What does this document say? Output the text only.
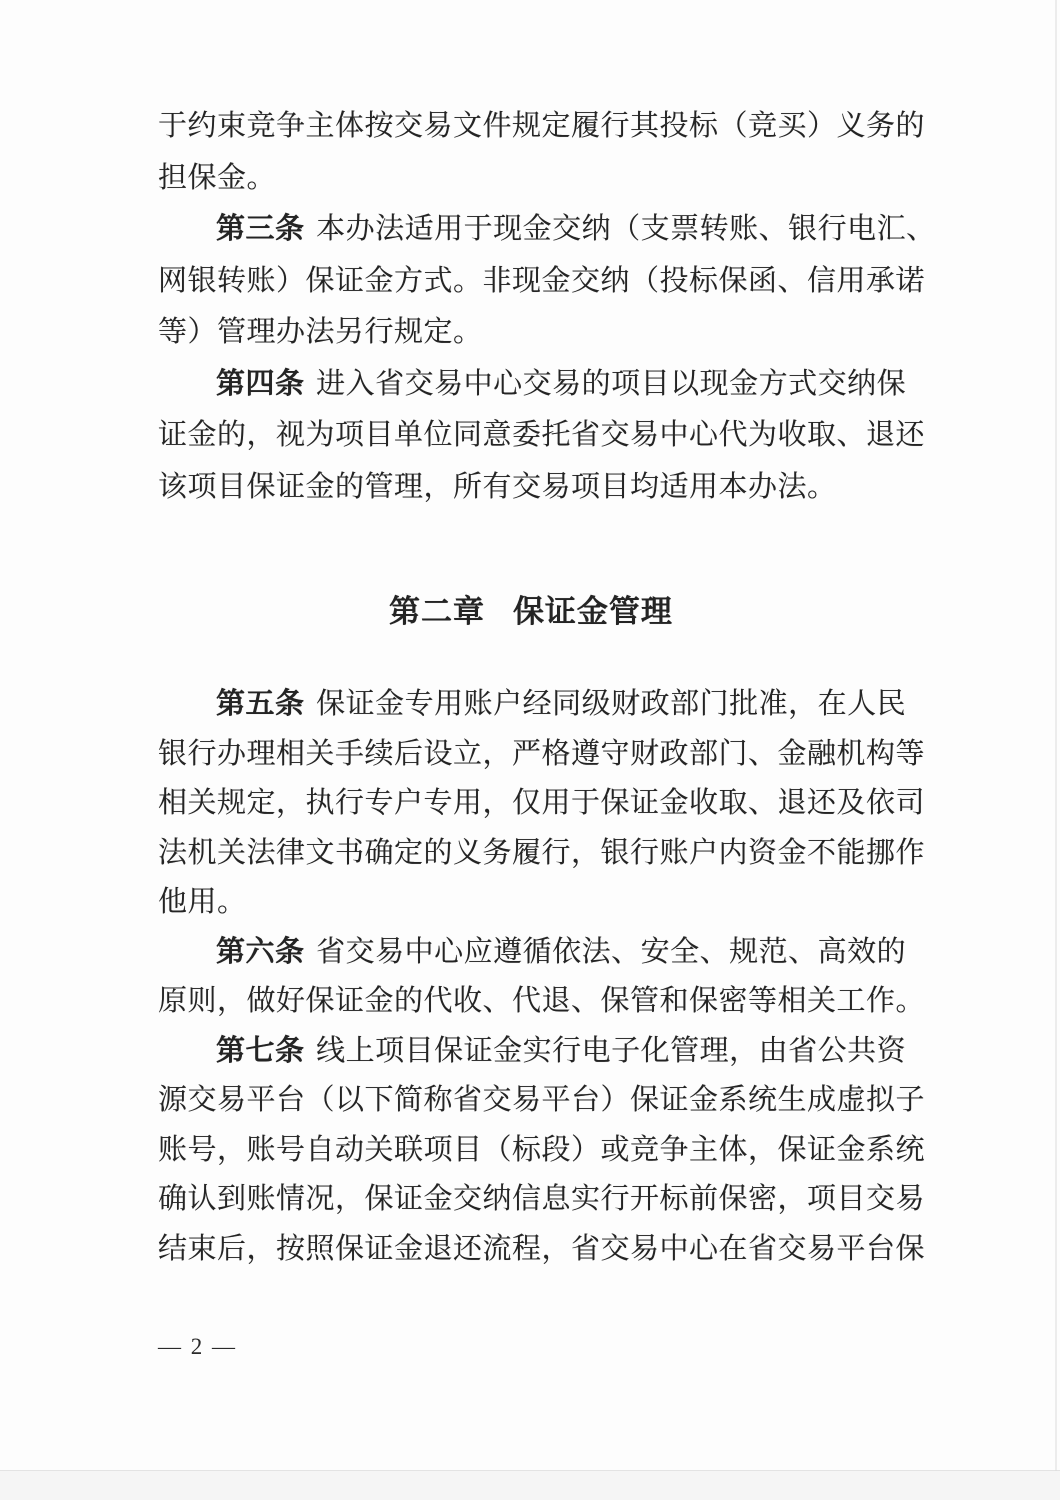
于约束竞争主体按交易文件规定履行其投标（竞买）义务的
担保金。
第三条 本办法适用于现金交纳（支票转账、银行电汇、
网银转账）保证金方式。非现金交纳（投标保函、信用承诺
等）管理办法另行规定。
第四条 进入省交易中心交易的项目以现金方式交纳保
证金的，视为项目单位同意委托省交易中心代为收取、退还
该项目保证金的管理，所有交易项目均适用本办法。
第二章 保证金管理
第五条 保证金专用账户经同级财政部门批准，在人民
银行办理相关手续后设立，严格遵守财政部门、金融机构等
相关规定，执行专户专用，仅用于保证金收取、退还及依司
法机关法律文书确定的义务履行，银行账户内资金不能挪作
他用。
第六条 省交易中心应遵循依法、安全、规范、高效的
原则，做好保证金的代收、代退、保管和保密等相关工作。
第七条 线上项目保证金实行电子化管理，由省公共资
源交易平台（以下简称省交易平台）保证金系统生成虚拟子
账号，账号自动关联项目（标段）或竞争主体，保证金系统
确认到账情况，保证金交纳信息实行开标前保密，项目交易
结束后，按照保证金退还流程，省交易中心在省交易平台保
— 2 —
